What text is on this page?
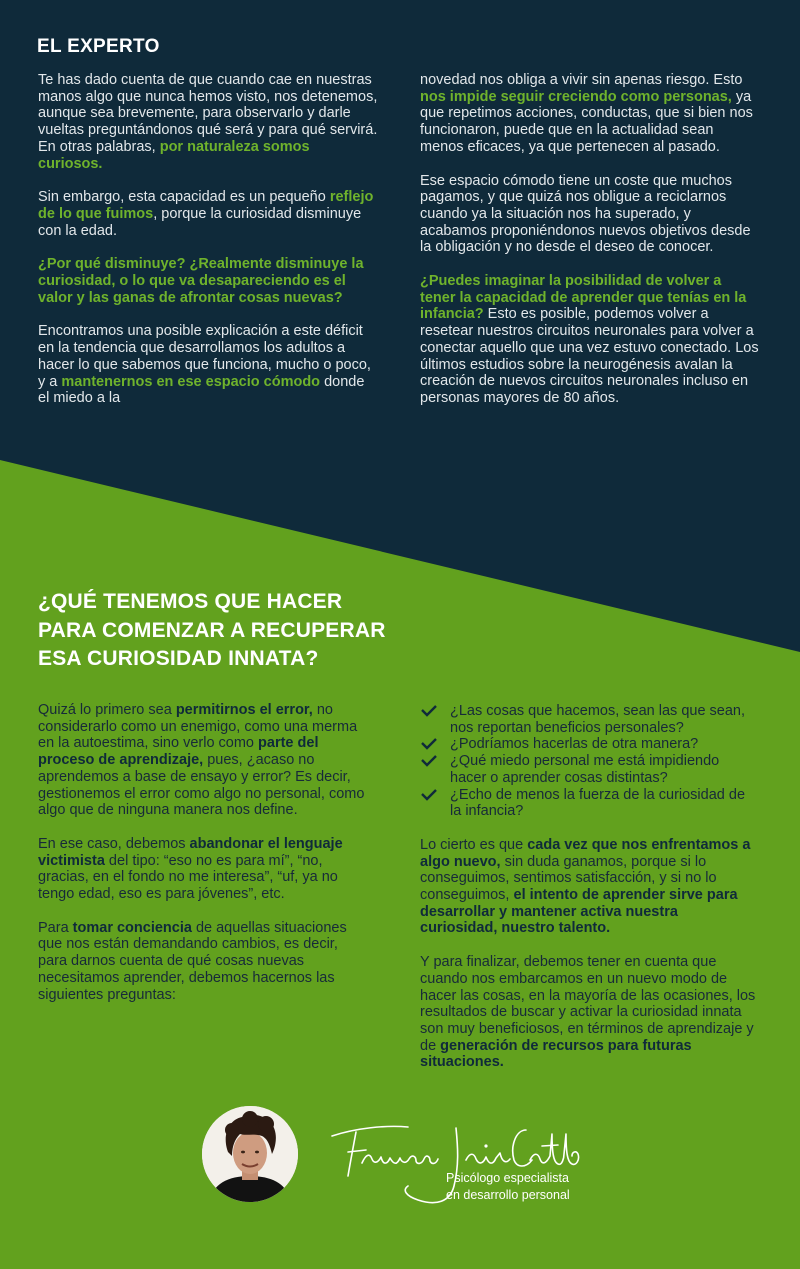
EL EXPERTO

Te has dado cuenta de que cuando cae en nuestras manos algo que nunca hemos visto, nos detenemos, aunque sea brevemente, para observarlo y darle vueltas preguntándonos qué será y para qué servirá. En otras palabras, por naturaleza somos curiosos.

Sin embargo, esta capacidad es un pequeño reflejo de lo que fuimos, porque la curiosidad disminuye con la edad.

¿Por qué disminuye? ¿Realmente disminuye la curiosidad, o lo que va desapareciendo es el valor y las ganas de afrontar cosas nuevas?

Encontramos una posible explicación a este déficit en la tendencia que desarrollamos los adultos a hacer lo que sabemos que funciona, mucho o poco, y a mantenernos en ese espacio cómodo donde el miedo a la

novedad nos obliga a vivir sin apenas riesgo. Esto nos impide seguir creciendo como personas, ya que repetimos acciones, conductas, que si bien nos funcionaron, puede que en la actualidad sean menos eficaces, ya que pertenecen al pasado.

Ese espacio cómodo tiene un coste que muchos pagamos, y que quizá nos obligue a reciclarnos cuando ya la situación nos ha superado, y acabamos proponiéndonos nuevos objetivos desde la obligación y no desde el deseo de conocer.

¿Puedes imaginar la posibilidad de volver a tener la capacidad de aprender que tenías en la infancia? Esto es posible, podemos volver a resetear nuestros circuitos neuronales para volver a conectar aquello que una vez estuvo conectado. Los últimos estudios sobre la neurogénesis avalan la creación de nuevos circuitos neuronales incluso en personas mayores de 80 años.

¿QUÉ TENEMOS QUE HACER
PARA COMENZAR A RECUPERAR
ESA CURIOSIDAD INNATA?

Quizá lo primero sea permitirnos el error, no considerarlo como un enemigo, como una merma en la autoestima, sino verlo como parte del proceso de aprendizaje, pues, ¿acaso no aprendemos a base de ensayo y error? Es decir, gestionemos el error como algo no personal, como algo que de ninguna manera nos define.

En ese caso, debemos abandonar el lenguaje victimista del tipo: “eso no es para mí”, “no, gracias, en el fondo no me interesa”, “uf, ya no tengo edad, eso es para jóvenes”, etc.

Para tomar conciencia de aquellas situaciones que nos están demandando cambios, es decir, para darnos cuenta de qué cosas nuevas necesitamos aprender, debemos hacernos las siguientes preguntas:

¿Las cosas que hacemos, sean las que sean, nos reportan beneficios personales?
¿Podríamos hacerlas de otra manera?
¿Qué miedo personal me está impidiendo hacer o aprender cosas distintas?
¿Echo de menos la fuerza de la curiosidad de la infancia?

Lo cierto es que cada vez que nos enfrentamos a algo nuevo, sin duda ganamos, porque si lo conseguimos, sentimos satisfacción, y si no lo conseguimos, el intento de aprender sirve para desarrollar y mantener activa nuestra curiosidad, nuestro talento.

Y para finalizar, debemos tener en cuenta que cuando nos embarcamos en un nuevo modo de hacer las cosas, en la mayoría de las ocasiones, los resultados de buscar y activar la curiosidad innata son muy beneficiosos, en términos de aprendizaje y de generación de recursos para futuras situaciones.

Psicólogo especialista
en desarrollo personal
